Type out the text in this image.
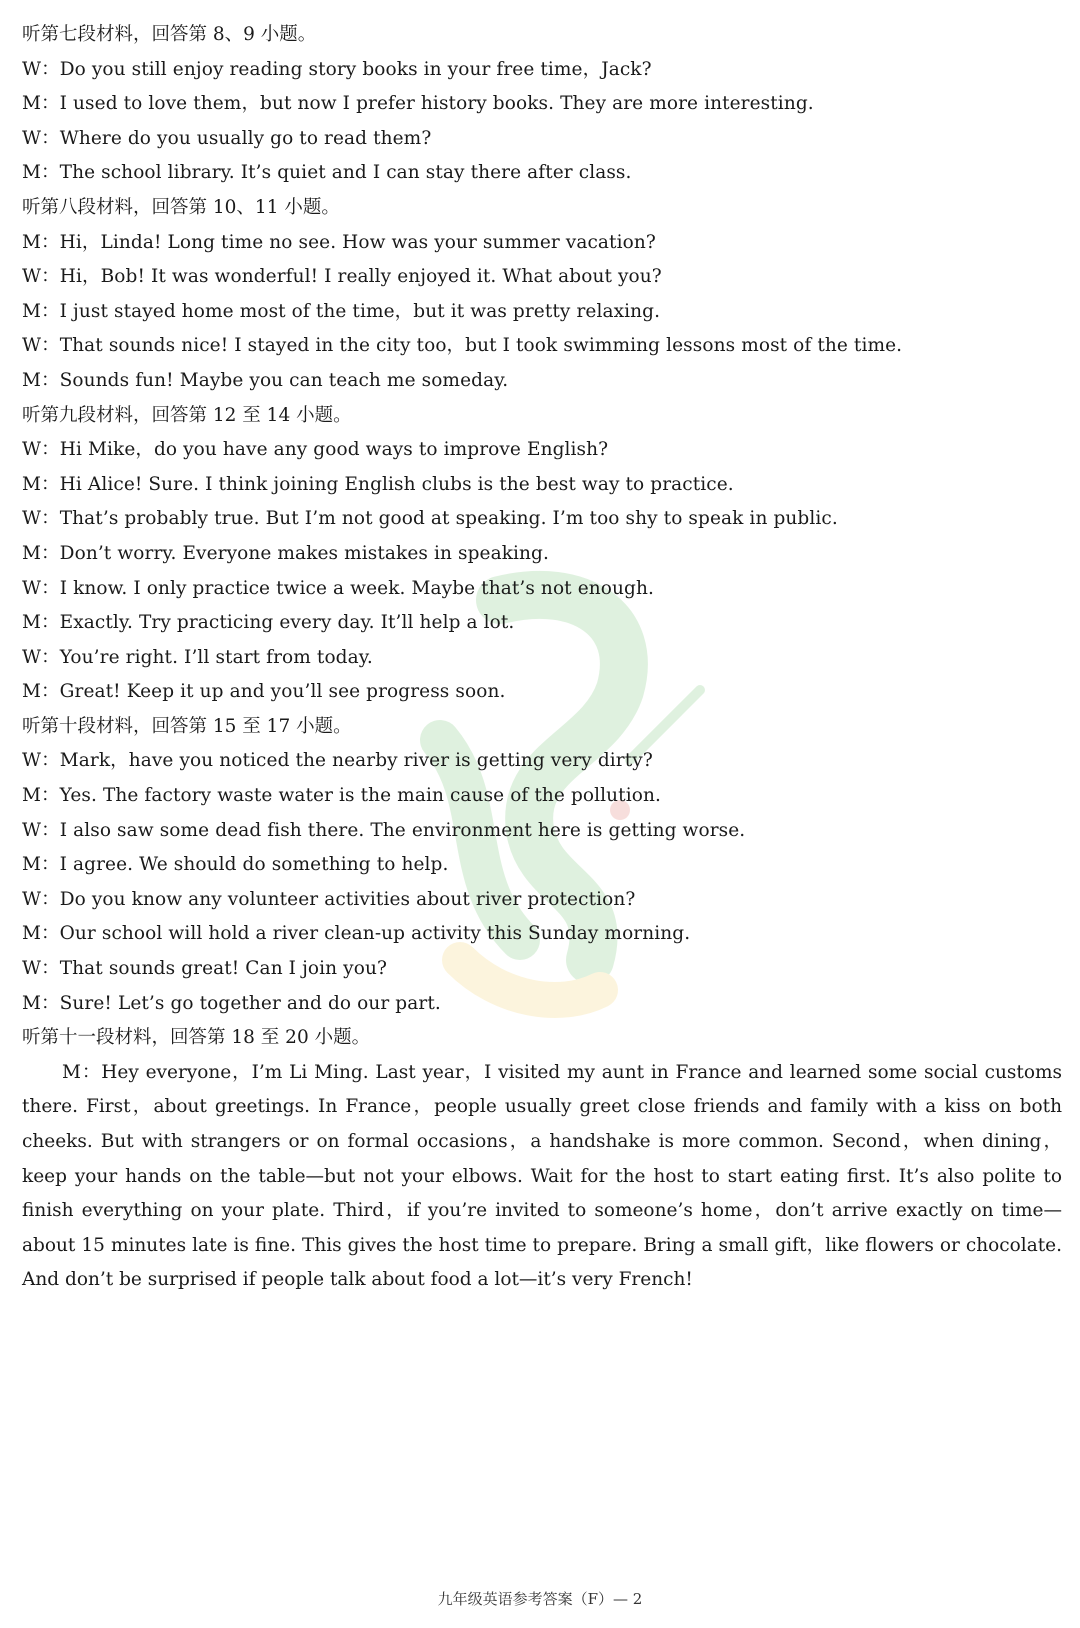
听第七段材料，回答第 8、9 小题。
W：Do you still enjoy reading story books in your free time，Jack?
M：I used to love them，but now I prefer history books. They are more interesting.
W：Where do you usually go to read them?
M：The school library. It’s quiet and I can stay there after class.
听第八段材料，回答第 10、11 小题。
M：Hi，Linda! Long time no see. How was your summer vacation?
W：Hi，Bob! It was wonderful! I really enjoyed it. What about you?
M：I just stayed home most of the time，but it was pretty relaxing.
W：That sounds nice! I stayed in the city too，but I took swimming lessons most of the time.
M：Sounds fun! Maybe you can teach me someday.
听第九段材料，回答第 12 至 14 小题。
W：Hi Mike，do you have any good ways to improve English?
M：Hi Alice! Sure. I think joining English clubs is the best way to practice.
W：That’s probably true. But I’m not good at speaking. I’m too shy to speak in public.
M：Don’t worry. Everyone makes mistakes in speaking.
W：I know. I only practice twice a week. Maybe that’s not enough.
M：Exactly. Try practicing every day. It’ll help a lot.
W：You’re right. I’ll start from today.
M：Great! Keep it up and you’ll see progress soon.
听第十段材料，回答第 15 至 17 小题。
W：Mark，have you noticed the nearby river is getting very dirty?
M：Yes. The factory waste water is the main cause of the pollution.
W：I also saw some dead fish there. The environment here is getting worse.
M：I agree. We should do something to help.
W：Do you know any volunteer activities about river protection?
M：Our school will hold a river clean-up activity this Sunday morning.
W：That sounds great! Can I join you?
M：Sure! Let’s go together and do our part.
听第十一段材料，回答第 18 至 20 小题。

M：Hey everyone，I’m Li Ming. Last year，I visited my aunt in France and learned some social customs there. First，about greetings. In France，people usually greet close friends and family with a kiss on both cheeks. But with strangers or on formal occasions，a handshake is more common. Second，when dining，keep your hands on the table—but not your elbows. Wait for the host to start eating first. It’s also polite to finish everything on your plate. Third，if you’re invited to someone’s home，don’t arrive exactly on time—about 15 minutes late is fine. This gives the host time to prepare. Bring a small gift，like flowers or chocolate. And don’t be surprised if people talk about food a lot—it’s very French!

九年级英语参考答案（F）— 2
